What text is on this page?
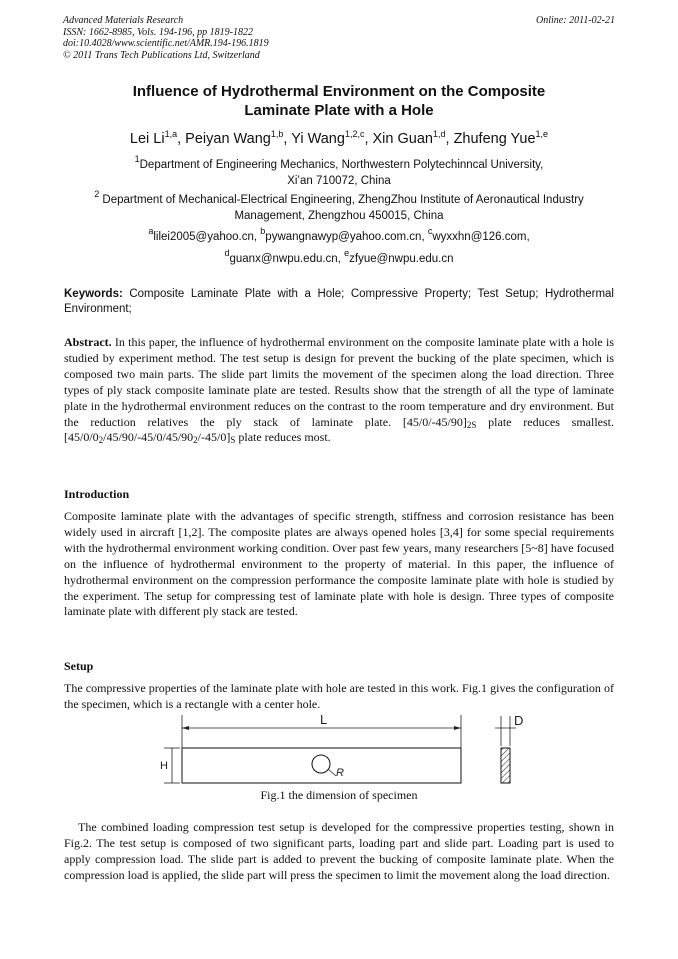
Advanced Materials Research
ISSN: 1662-8985, Vols. 194-196, pp 1819-1822
doi:10.4028/www.scientific.net/AMR.194-196.1819
© 2011 Trans Tech Publications Ltd, Switzerland
Online: 2011-02-21
Influence of Hydrothermal Environment on the Composite
Laminate Plate with a Hole
Lei Li$^{1,a}$, Peiyan Wang$^{1,b}$, Yi Wang$^{1,2,c}$, Xin Guan$^{1,d}$, Zhufeng Yue$^{1,e}$
$^1$Department of Engineering Mechanics, Northwestern Polytechinncal University,
Xi’an 710072, China
$^2$ Department of Mechanical-Electrical Engineering, ZhengZhou Institute of Aeronautical Industry
Management, Zhengzhou 450015, China
$^a$lilei2005@yahoo.cn, $^b$pywangnawyp@yahoo.com.cn, $^c$wyxxhn@126.com,
$^d$guanx@nwpu.edu.cn, $^e$zfyue@nwpu.edu.cn
Keywords: Composite Laminate Plate with a Hole; Compressive Property; Test Setup; Hydrothermal Environment;
Abstract. In this paper, the influence of hydrothermal environment on the composite laminate plate with a hole is studied by experiment method. The test setup is design for prevent the bucking of the plate specimen, which is composed two main parts. The slide part limits the movement of the specimen along the load direction. Three types of ply stack composite laminate plate are tested. Results show that the strength of all the type of laminate plate in the hydrothermal environment reduces on the contrast to the room temperature and dry environment. But the reduction relatives the ply stack of laminate plate. $[45/0/-45/90]_{2S}$ plate reduces smallest. $[45/0/0_2/45/90/-45/0/45/90_2/-45/0]_S$ plate reduces most.
Introduction
Composite laminate plate with the advantages of specific strength, stiffness and corrosion resistance has been widely used in aircraft [1,2]. The composite plates are always opened holes [3,4] for some special requirements with the hydrothermal environment working condition. Over past few years, many researchers [5~8] have focused on the influence of hydrothermal environment to the property of material. In this paper, the influence of hydrothermal environment on the compression performance the composite laminate plate with hole is studied by the experiment. The setup for compressing test of laminate plate with hole is design. Three types of composite laminate plate with different ply stack are tested.
Setup
The compressive properties of the laminate plate with hole are tested in this work. Fig.1 gives the configuration of the specimen, which is a rectangle with a center hole.
L
R
H
D
Fig.1 the dimension of specimen
The combined loading compression test setup is developed for the compressive properties testing, shown in Fig.2. The test setup is composed of two significant parts, loading part and slide part. Loading part is used to apply compression load. The slide part is added to prevent the bucking of composite laminate plate. When the compression load is applied, the slide part will press the specimen to limit the movement along the load direction.
